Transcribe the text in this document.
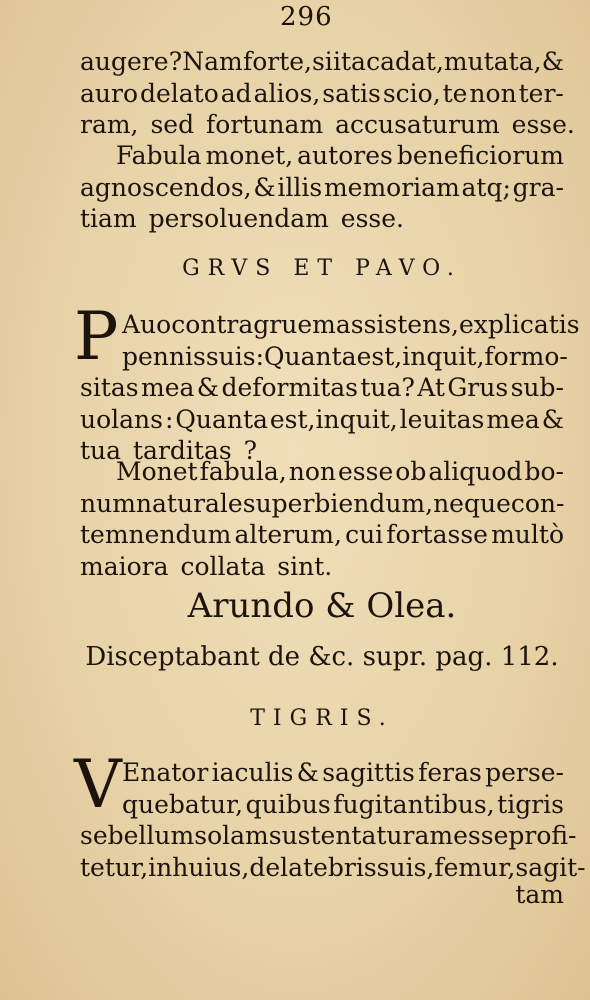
296
augere ? Nam forte,si ita cadat,mutata, &
auro delato ad alios, satis scio, te non ter-
ram, sed fortunam accusaturum esse.
Fabula monet, autores beneficiorum
agnoscendos, & illis memoriam atq; gra-
tiam persoluendam esse.
GRVS ET PAVO.
P Auo contra gruem assistens, explicatis
pennis suis : Quanta est, inquit,formo-
sitas mea & deformitas tua? At Grus sub-
uolans : Quanta est,inquit, leuitas mea &
tua tarditas ?
Monet fabula, non esse ob aliquod bo-
num naturale superbiendum, neque con-
temnendum alterum, cui fortasse multò
maiora collata sint.
Arundo & Olea.
Disceptabant de &c. supr. pag. 112.
TIGRIS.
V Enator iaculis & sagittis feras perse-
quebatur, quibus fugitantibus, tigris
se bellum solam sustentaturam esse profi-
tetur,in huius,de latebris suis,femur,sagit-
tam
